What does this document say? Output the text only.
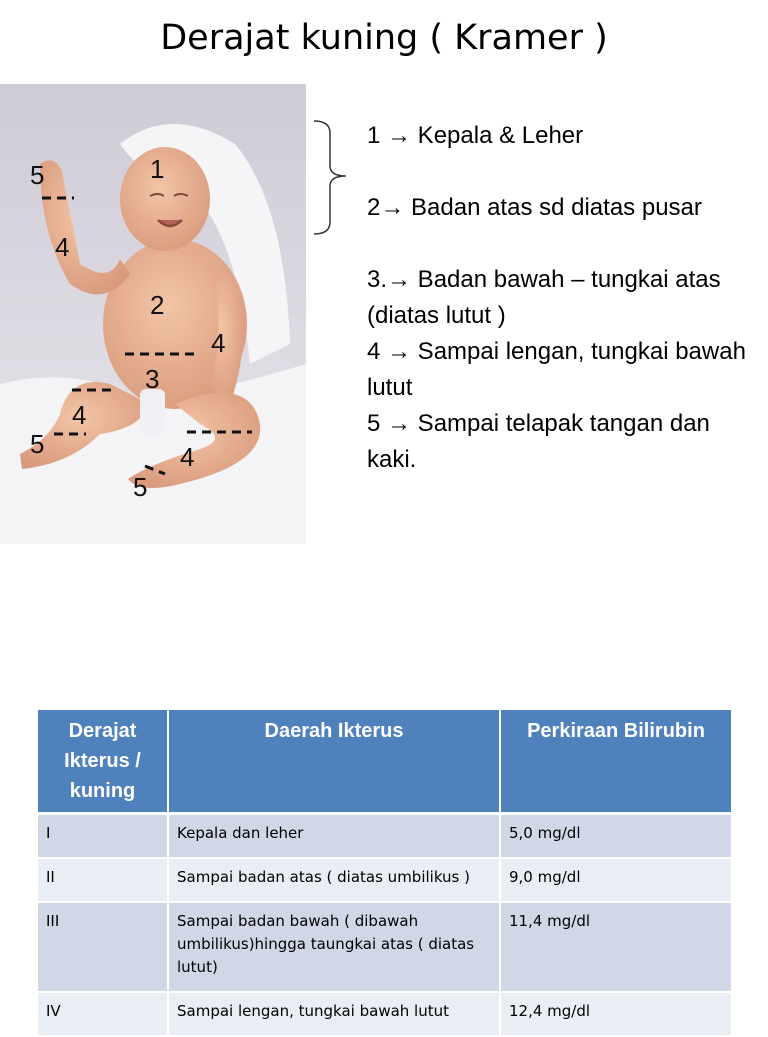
Derajat kuning ( Kramer )
1
5
4
2
4
3
4
5	4
5

1 → Kepala & Leher

2→ Badan atas sd diatas pusar

3.→ Badan bawah – tungkai atas (diatas lutut )

4 → Sampai lengan, tungkai bawah lutut

5 → Sampai telapak tangan dan kaki.

Derajat Ikterus / kuning	Daerah Ikterus	Perkiraan Bilirubin
I	Kepala dan leher	5,0 mg/dl
II	Sampai badan atas ( diatas umbilikus )	9,0 mg/dl
III	Sampai badan bawah ( dibawah umbilikus)hingga taungkai atas ( diatas lutut)	11,4 mg/dl
IV	Sampai lengan, tungkai bawah lutut	12,4 mg/dl
